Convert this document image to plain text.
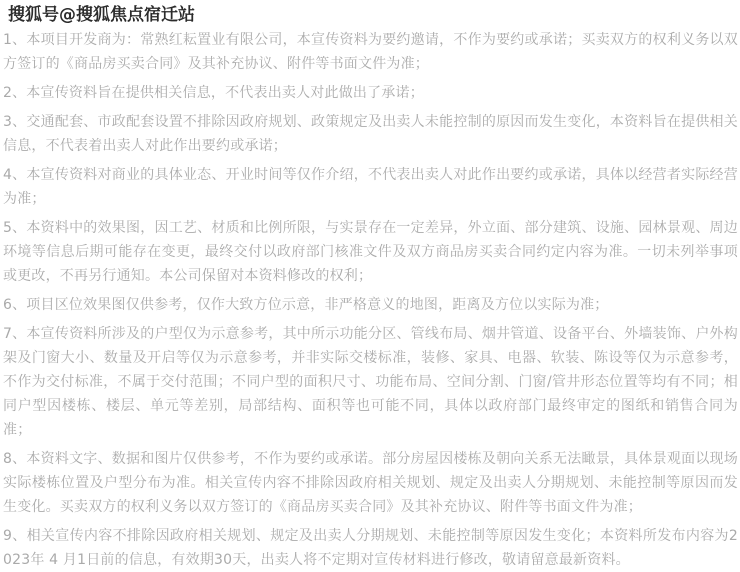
搜狐号@搜狐焦点宿迁站

1、本项目开发商为：常熟红耘置业有限公司，本宣传资料为要约邀请，不作为要约或承诺；买卖双方的权利义务以双方签订的《商品房买卖合同》及其补充协议、附件等书面文件为准；

2、本宣传资料旨在提供相关信息，不代表出卖人对此做出了承诺；

3、交通配套、市政配套设置不排除因政府规划、政策规定及出卖人未能控制的原因而发生变化，本资料旨在提供相关信息，不代表着出卖人对此作出要约或承诺；

4、本宣传资料对商业的具体业态、开业时间等仅作介绍，不代表出卖人对此作出要约或承诺，具体以经营者实际经营为准；

5、本资料中的效果图，因工艺、材质和比例所限，与实景存在一定差异，外立面、部分建筑、设施、园林景观、周边环境等信息后期可能存在变更，最终交付以政府部门核准文件及双方商品房买卖合同约定内容为准。一切未列举事项或更改，不再另行通知。本公司保留对本资料修改的权利；

6、项目区位效果图仅供参考，仅作大致方位示意，非严格意义的地图，距离及方位以实际为准；

7、本宣传资料所涉及的户型仅为示意参考，其中所示功能分区、管线布局、烟井管道、设备平台、外墙装饰、户外构架及门窗大小、数量及开启等仅为示意参考，并非实际交楼标准，装修、家具、电器、软装、陈设等仅为示意参考，不作为交付标准，不属于交付范围；不同户型的面积尺寸、功能布局、空间分割、门窗/管井形态位置等均有不同；相同户型因楼栋、楼层、单元等差别，局部结构、面积等也可能不同，具体以政府部门最终审定的图纸和销售合同为准；

8、本资料文字、数据和图片仅供参考，不作为要约或承诺。部分房屋因楼栋及朝向关系无法瞰景，具体景观面以现场实际楼栋位置及户型分布为准。相关宣传内容不排除因政府相关规划、规定及出卖人分期规划、未能控制等原因而发生变化。买卖双方的权利义务以双方签订的《商品房买卖合同》及其补充协议、附件等书面文件为准；

9、相关宣传内容不排除因政府相关规划、规定及出卖人分期规划、未能控制等原因发生变化；本资料所发布内容为2023年 4 月1日前的信息，有效期30天，出卖人将不定期对宣传材料进行修改，敬请留意最新资料。
